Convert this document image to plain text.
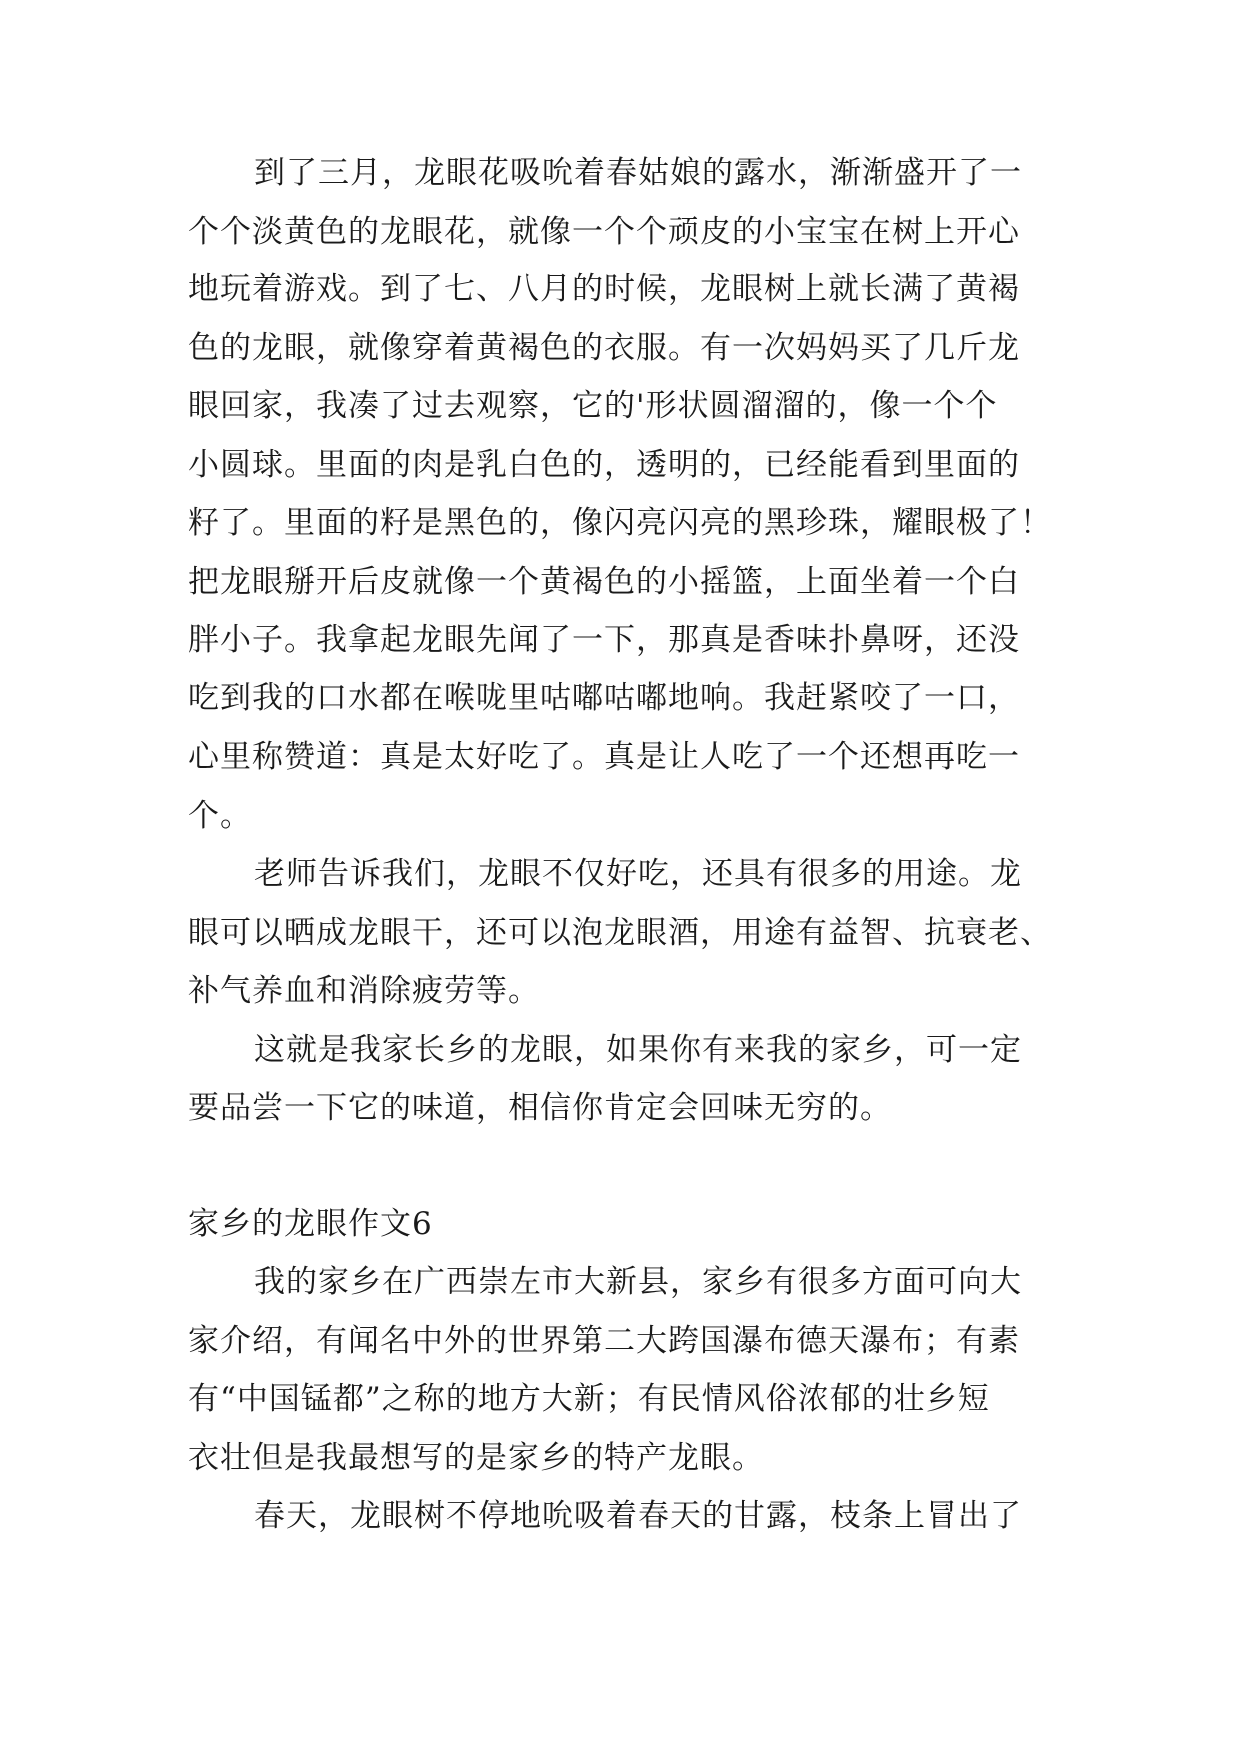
到了三月，龙眼花吸吮着春姑娘的露水，渐渐盛开了一
个个淡黄色的龙眼花，就像一个个顽皮的小宝宝在树上开心
地玩着游戏。到了七、八月的时候，龙眼树上就长满了黄褐
色的龙眼，就像穿着黄褐色的衣服。有一次妈妈买了几斤龙
眼回家，我凑了过去观察，它的'形状圆溜溜的，像一个个
小圆球。里面的肉是乳白色的，透明的，已经能看到里面的
籽了。里面的籽是黑色的，像闪亮闪亮的黑珍珠，耀眼极了！
把龙眼掰开后皮就像一个黄褐色的小摇篮，上面坐着一个白
胖小子。我拿起龙眼先闻了一下，那真是香味扑鼻呀，还没
吃到我的口水都在喉咙里咕嘟咕嘟地响。我赶紧咬了一口，
心里称赞道：真是太好吃了。真是让人吃了一个还想再吃一
个。
老师告诉我们，龙眼不仅好吃，还具有很多的用途。龙
眼可以晒成龙眼干，还可以泡龙眼酒，用途有益智、抗衰老、
补气养血和消除疲劳等。
这就是我家长乡的龙眼，如果你有来我的家乡，可一定
要品尝一下它的味道，相信你肯定会回味无穷的。
家乡的龙眼作文6
我的家乡在广西崇左市大新县，家乡有很多方面可向大
家介绍，有闻名中外的世界第二大跨国瀑布德天瀑布；有素
有“中国锰都”之称的地方大新；有民情风俗浓郁的壮乡短
衣壮但是我最想写的是家乡的特产龙眼。
春天，龙眼树不停地吮吸着春天的甘露，枝条上冒出了
